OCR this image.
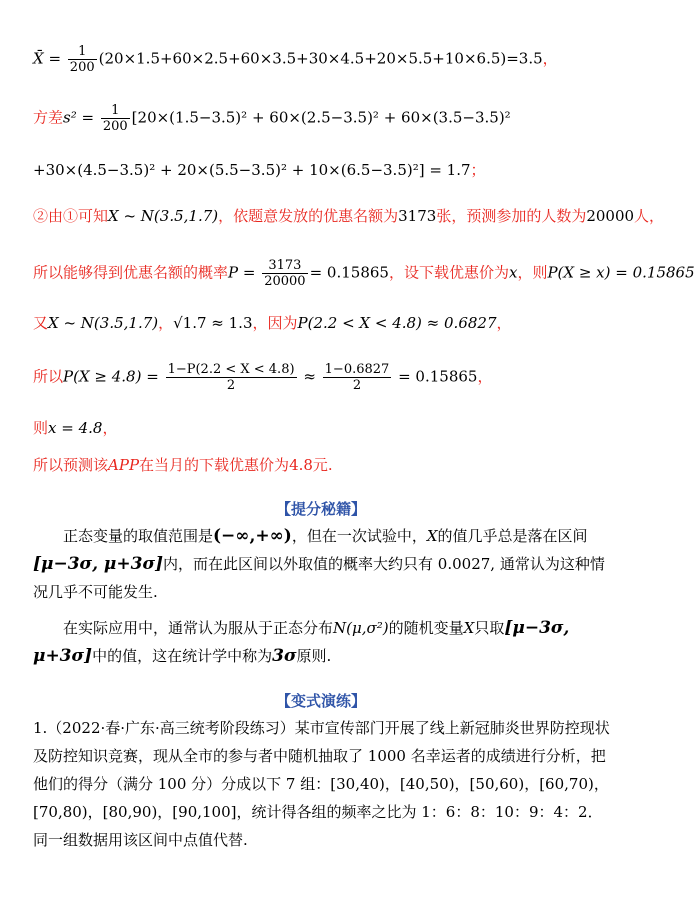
X̄ = $\frac{1}{200} (20\times 1.5+60\times 2.5+60\times 3.5+30\times 4.5+20\times 5.5+10\times 6.5)=3.5$，
方差$s^2 = \frac{1}{200} [20\times(1.5-3.5)^2 + 60\times(2.5-3.5)^2 + 60\times(3.5-3.5)^2$
+30×(4.5−3.5)² + 20×(5.5−3.5)² + 10×(6.5−3.5)²] = 1.7；
②由①可知X ~ N(3.5,1.7)，依题意发放的优惠名额为3173张，预测参加的人数为20000人，
所以能够得到优惠名额的概率$P = \frac{3173}{20000} = 0.15865$，设下载优惠价为x，则P(X ≥ x) = 0.15865
又X ~ N(3.5,1.7)，√1.7 ≈ 1.3，因为P(2.2 < X < 4.8) ≈ 0.6827，
所以$P(X \ge 4.8) = \frac{1-P(2.2 < X < 4.8)}{2} \approx \frac{1-0.6827}{2} = 0.15865$，
则x = 4.8，
所以预测该APP在当月的下载优惠价为4.8元.
【提分秘籍】
正态变量的取值范围是(−∞,+∞)，但在一次试验中，X的值几乎总是落在区间[μ−3σ, μ+3σ]内，而在此区间以外取值的概率大约只有 0.0027, 通常认为这种情况几乎不可能发生.
在实际应用中，通常认为服从于正态分布N(μ,σ²)的随机变量X只取[μ−3σ, μ+3σ]中的值，这在统计学中称为3σ原则.
【变式演练】
1.（2022·春·广东·高三统考阶段练习）某市宣传部门开展了线上新冠肺炎世界防控现状及防控知识竞赛，现从全市的参与者中随机抽取了 1000 名幸运者的成绩进行分析，把他们的得分（满分 100 分）分成以下 7 组：[30,40)，[40,50)，[50,60)，[60,70)，[70,80)，[80,90)，[90,100]，统计得各组的频率之比为 1：6：8：10：9：4：2．同一组数据用该区间中点值代替.
